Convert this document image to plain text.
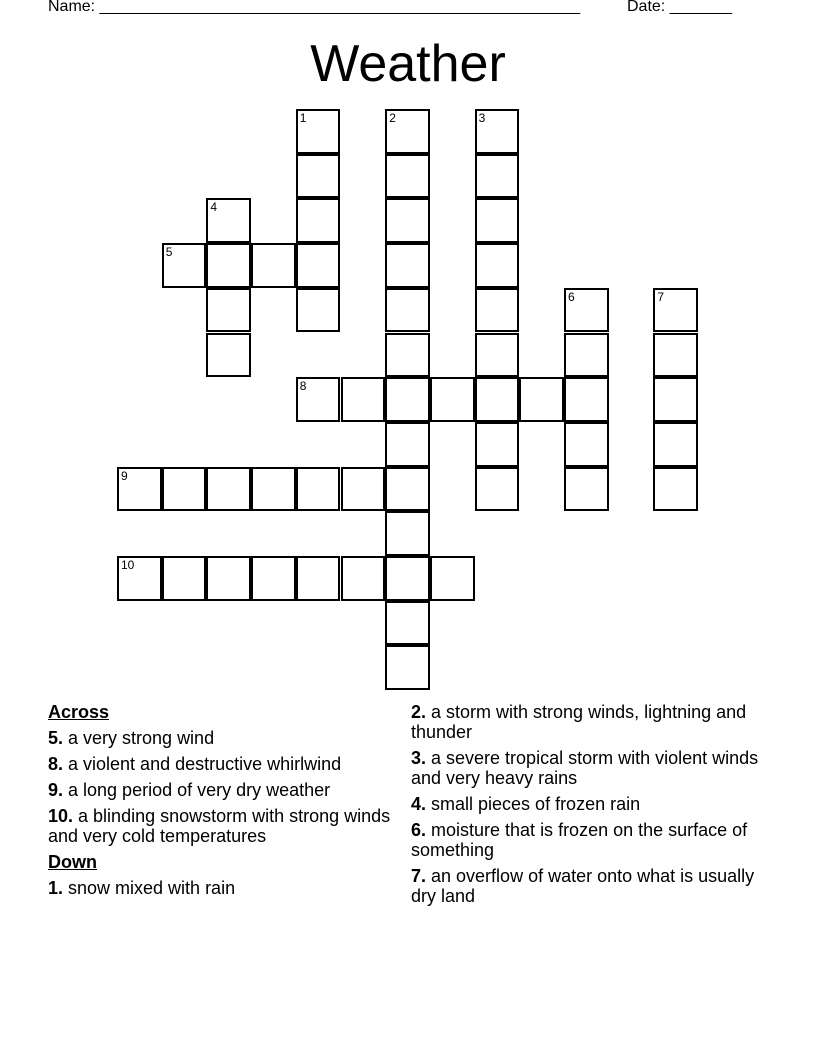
Name: ______________________________________________________	Date: _______
Weather
1	2	3
4
5
6	7
8
9
10
Across
5. a very strong wind
8. a violent and destructive whirlwind
9. a long period of very dry weather
10. a blinding snowstorm with strong winds and very cold temperatures
Down
1. snow mixed with rain
2. a storm with strong winds, lightning and thunder
3. a severe tropical storm with violent winds and very heavy rains
4. small pieces of frozen rain
6. moisture that is frozen on the surface of something
7. an overflow of water onto what is usually dry land
